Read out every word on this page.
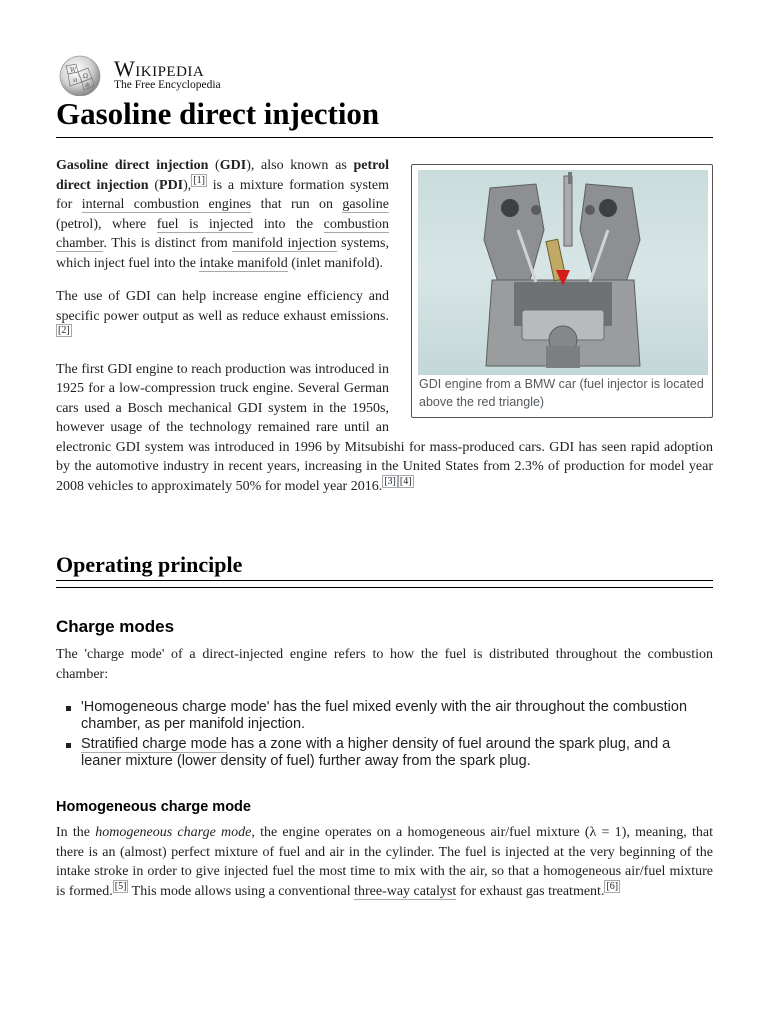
W
Ω
И
維
Wikipedia
The Free Encyclopedia
Gasoline direct injection
GDI engine from a BMW car (fuel injector is located above the red triangle)

Gasoline direct injection (GDI), also known as petrol direct injection (PDI), [1] is a mixture formation system for internal combustion engines that run on gasoline (petrol), where fuel is injected into the combustion chamber. This is distinct from manifold injection systems, which inject fuel into the intake manifold (inlet manifold).

The use of GDI can help increase engine efficiency and specific power output as well as reduce exhaust emissions.[2]

The first GDI engine to reach production was introduced in 1925 for a low-compression truck engine. Several German cars used a Bosch mechanical GDI system in the 1950s, however usage of the technology remained rare until an electronic GDI system was introduced in 1996 by Mitsubishi for mass-produced cars. GDI has seen rapid adoption by the automotive industry in recent years, increasing in the United States from 2.3% of production for model year 2008 vehicles to approximately 50% for model year 2016. [3] [4]

Operating principle
Charge modes

The 'charge mode' of a direct-injected engine refers to how the fuel is distributed throughout the combustion chamber:

'Homogeneous charge mode' has the fuel mixed evenly with the air throughout the combustion chamber, as per manifold injection.
Stratified charge mode has a zone with a higher density of fuel around the spark plug, and a leaner mixture (lower density of fuel) further away from the spark plug.
Homogeneous charge mode

In the homogeneous charge mode, the engine operates on a homogeneous air/fuel mixture (λ = 1), meaning, that there is an (almost) perfect mixture of fuel and air in the cylinder. The fuel is injected at the very beginning of the intake stroke in order to give injected fuel the most time to mix with the air, so that a homogeneous air/fuel mixture is formed. [5] This mode allows using a conventional three-way catalyst for exhaust gas treatment. [6]
